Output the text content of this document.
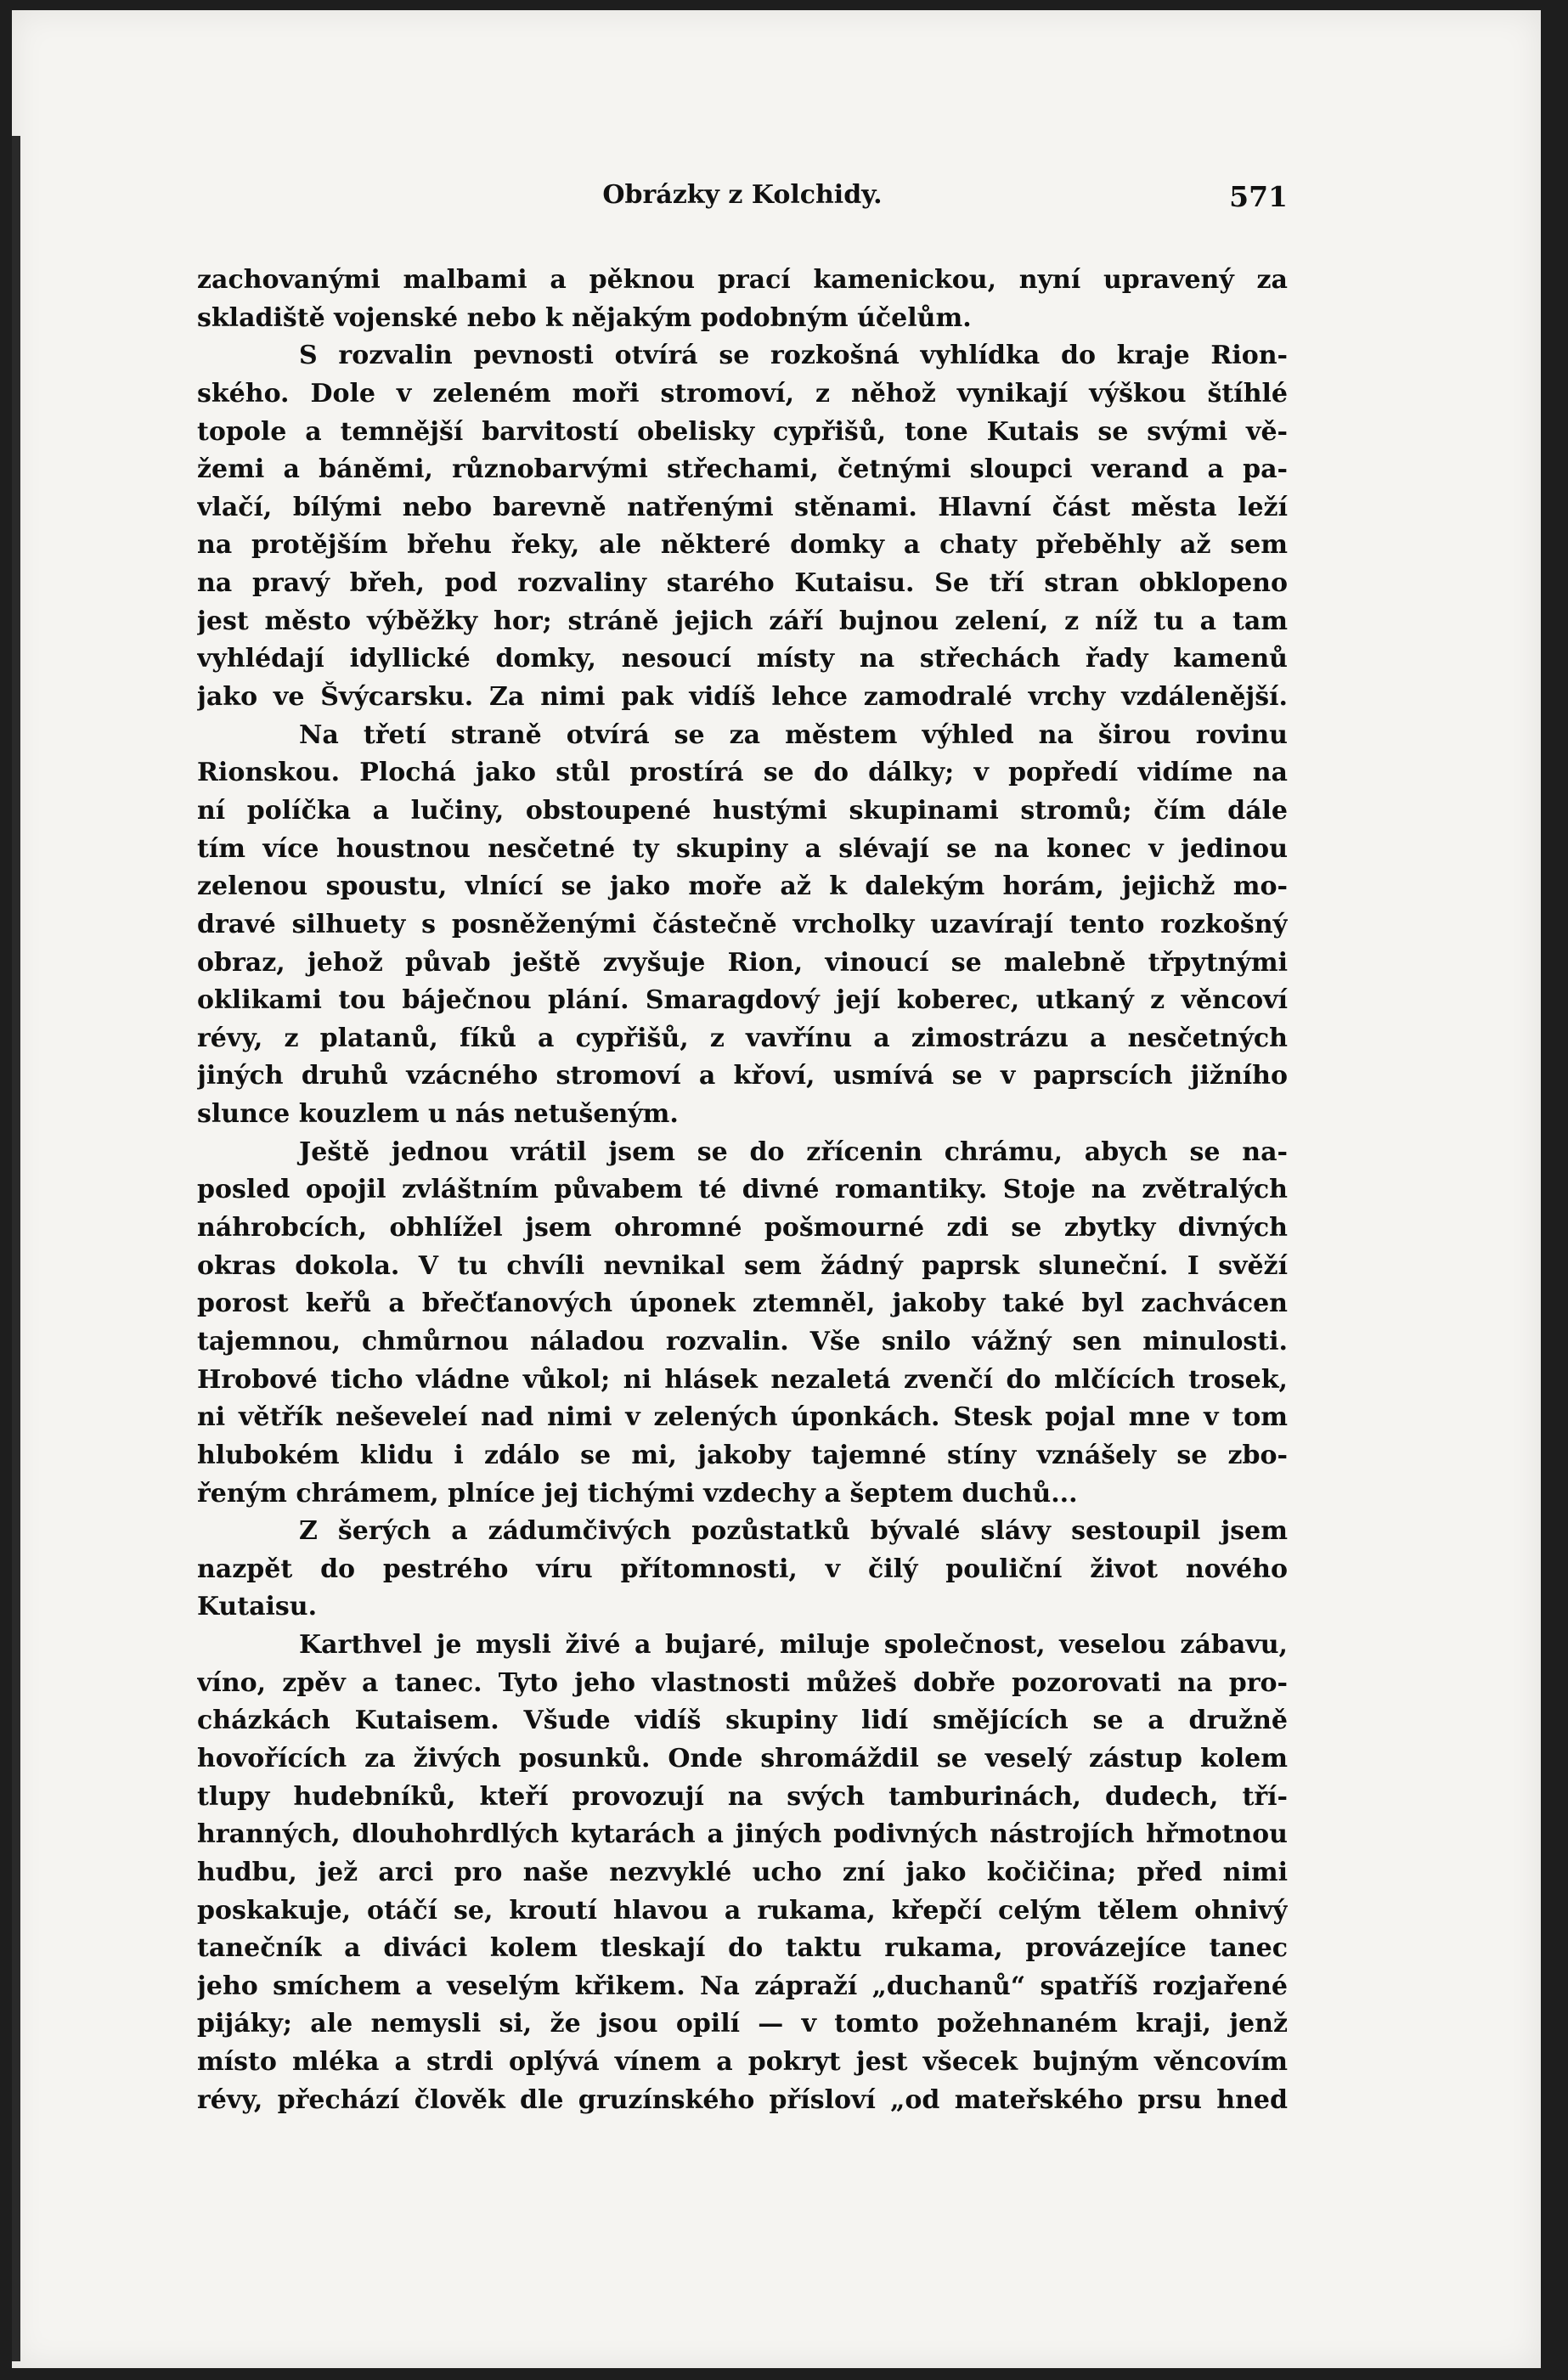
Obrázky z Kolchidy.	571
zachovanými malbami a pěknou prací kamenickou, nyní upravený za
skladiště vojenské nebo k nějakým podobným účelům.
S rozvalin pevnosti otvírá se rozkošná vyhlídka do kraje Rion-
ského. Dole v zeleném moři stromoví, z něhož vynikají výškou štíhlé
topole a temnější barvitostí obelisky cypřišů, tone Kutais se svými vě-
žemi a báněmi, různobarvými střechami, četnými sloupci verand a pa-
vlačí, bílými nebo barevně natřenými stěnami. Hlavní část města leží
na protějším břehu řeky, ale některé domky a chaty přeběhly až sem
na pravý břeh, pod rozvaliny starého Kutaisu. Se tří stran obklopeno
jest město výběžky hor; stráně jejich září bujnou zelení, z níž tu a tam
vyhlédají idyllické domky, nesoucí místy na střechách řady kamenů
jako ve Švýcarsku. Za nimi pak vidíš lehce zamodralé vrchy vzdálenější.
Na třetí straně otvírá se za městem výhled na širou rovinu
Rionskou. Plochá jako stůl prostírá se do dálky; v popředí vidíme na
ní políčka a lučiny, obstoupené hustými skupinami stromů; čím dále
tím více houstnou nesčetné ty skupiny a slévají se na konec v jedinou
zelenou spoustu, vlnící se jako moře až k dalekým horám, jejichž mo-
dravé silhuety s posněženými částečně vrcholky uzavírají tento rozkošný
obraz, jehož půvab ještě zvyšuje Rion, vinoucí se malebně třpytnými
oklikami tou báječnou plání. Smaragdový její koberec, utkaný z věncoví
révy, z platanů, fíků a cypřišů, z vavřínu a zimostrázu a nesčetných
jiných druhů vzácného stromoví a křoví, usmívá se v paprscích jižního
slunce kouzlem u nás netušeným.
Ještě jednou vrátil jsem se do zřícenin chrámu, abych se na-
posled opojil zvláštním půvabem té divné romantiky. Stoje na zvětralých
náhrobcích, obhlížel jsem ohromné pošmourné zdi se zbytky divných
okras dokola. V tu chvíli nevnikal sem žádný paprsk sluneční. I svěží
porost keřů a břečťanových úponek ztemněl, jakoby také byl zachvácen
tajemnou, chmůrnou náladou rozvalin. Vše snilo vážný sen minulosti.
Hrobové ticho vládne vůkol; ni hlásek nezaletá zvenčí do mlčících trosek,
ni větřík neševeleí nad nimi v zelených úponkách. Stesk pojal mne v tom
hlubokém klidu i zdálo se mi, jakoby tajemné stíny vznášely se zbo-
řeným chrámem, plníce jej tichými vzdechy a šeptem duchů...
Z šerých a zádumčivých pozůstatků bývalé slávy sestoupil jsem
nazpět do pestrého víru přítomnosti, v čilý pouliční život nového
Kutaisu.
Karthvel je mysli živé a bujaré, miluje společnost, veselou zábavu,
víno, zpěv a tanec. Tyto jeho vlastnosti můžeš dobře pozorovati na pro-
cházkách Kutaisem. Všude vidíš skupiny lidí smějících se a družně
hovořících za živých posunků. Onde shromáždil se veselý zástup kolem
tlupy hudebníků, kteří provozují na svých tamburinách, dudech, tří-
hranných, dlouhohrdlých kytarách a jiných podivných nástrojích hřmotnou
hudbu, jež arci pro naše nezvyklé ucho zní jako kočičina; před nimi
poskakuje, otáčí se, kroutí hlavou a rukama, křepčí celým tělem ohnivý
tanečník a diváci kolem tleskají do taktu rukama, provázejíce tanec
jeho smíchem a veselým křikem. Na zápraží „duchanů“ spatříš rozjařené
pijáky; ale nemysli si, že jsou opilí — v tomto požehnaném kraji, jenž
místo mléka a strdi oplývá vínem a pokryt jest všecek bujným věncovím
révy, přechází člověk dle gruzínského přísloví „od mateřského prsu hned
